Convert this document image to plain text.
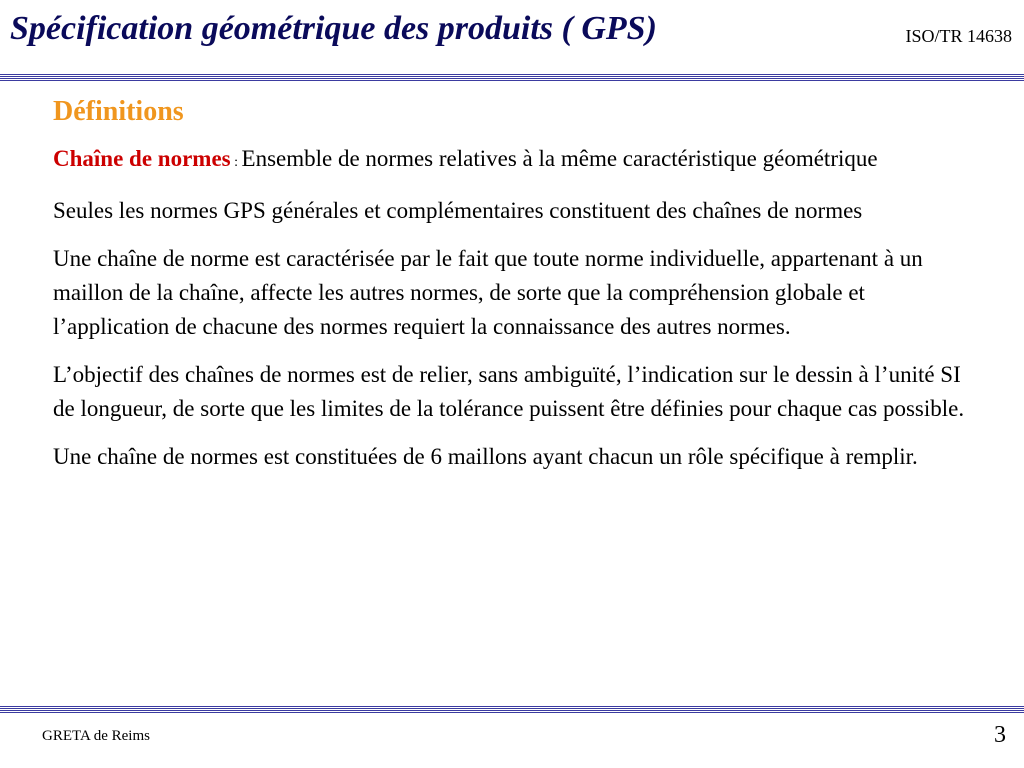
Spécification géométrique des produits ( GPS)	ISO/TR 14638
Définitions

Chaîne de normes : Ensemble de normes relatives à la même caractéristique géométrique

Seules les normes GPS générales et complémentaires constituent des chaînes de normes

Une chaîne de norme est caractérisée par le fait que toute norme individuelle, appartenant à un maillon de la chaîne, affecte les autres normes, de sorte que la compréhension globale et l’application de chacune des normes requiert la connaissance des autres normes.

L’objectif des chaînes de normes est de relier, sans ambiguïté, l’indication sur le dessin à l’unité SI de longueur, de sorte que les limites de la tolérance puissent être définies pour chaque cas possible.

Une chaîne de normes est constituées de 6 maillons ayant chacun un rôle spécifique à remplir.

GRETA de Reims	3
